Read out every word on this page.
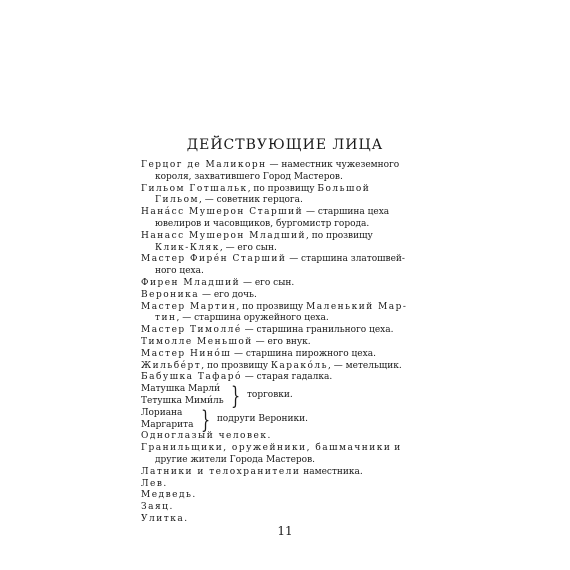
ДЕЙСТВУЮЩИЕ ЛИЦА
Герцог де Маликорн — наместник чужеземного
короля, захватившего Город Мастеров.
Гильом Готшальк, по прозвищу Большой
Гильом, — советник герцога.
Нана́сс Мушерон Старший — старшина цеха
ювелиров и часовщиков, бургомистр города.
Нанасс Мушерон Младший, по прозвищу
Клик-Кляк, — его сын.
Мастер Фирéн Старший — старшина златошвей-
ного цеха.
Фирен Младший — его сын.
Вероника — его дочь.
Мастер Мартин, по прозвищу Маленький Мар-
тин, — старшина оружейного цеха.
Мастер Тимолле́ — старшина гранильного цеха.
Тимолле Меньшой — его внук.
Мастер Нино́ш — старшина пирожного цеха.
Жильбе́рт, по прозвищу Карако́ль, — метельщик.
Бабушка Тафаро́ — старая гадалка.
Матушка Марли́
Тетушка Мими́ль } торговки.
Лориана
Маргарита } подруги Вероники.
Одноглазый человек.
Гранильщики, оружейники, башмачники и
другие жители Города Мастеров.
Латники и телохранители наместника.
Лев.
Медведь.
Заяц.
Улитка.
11
